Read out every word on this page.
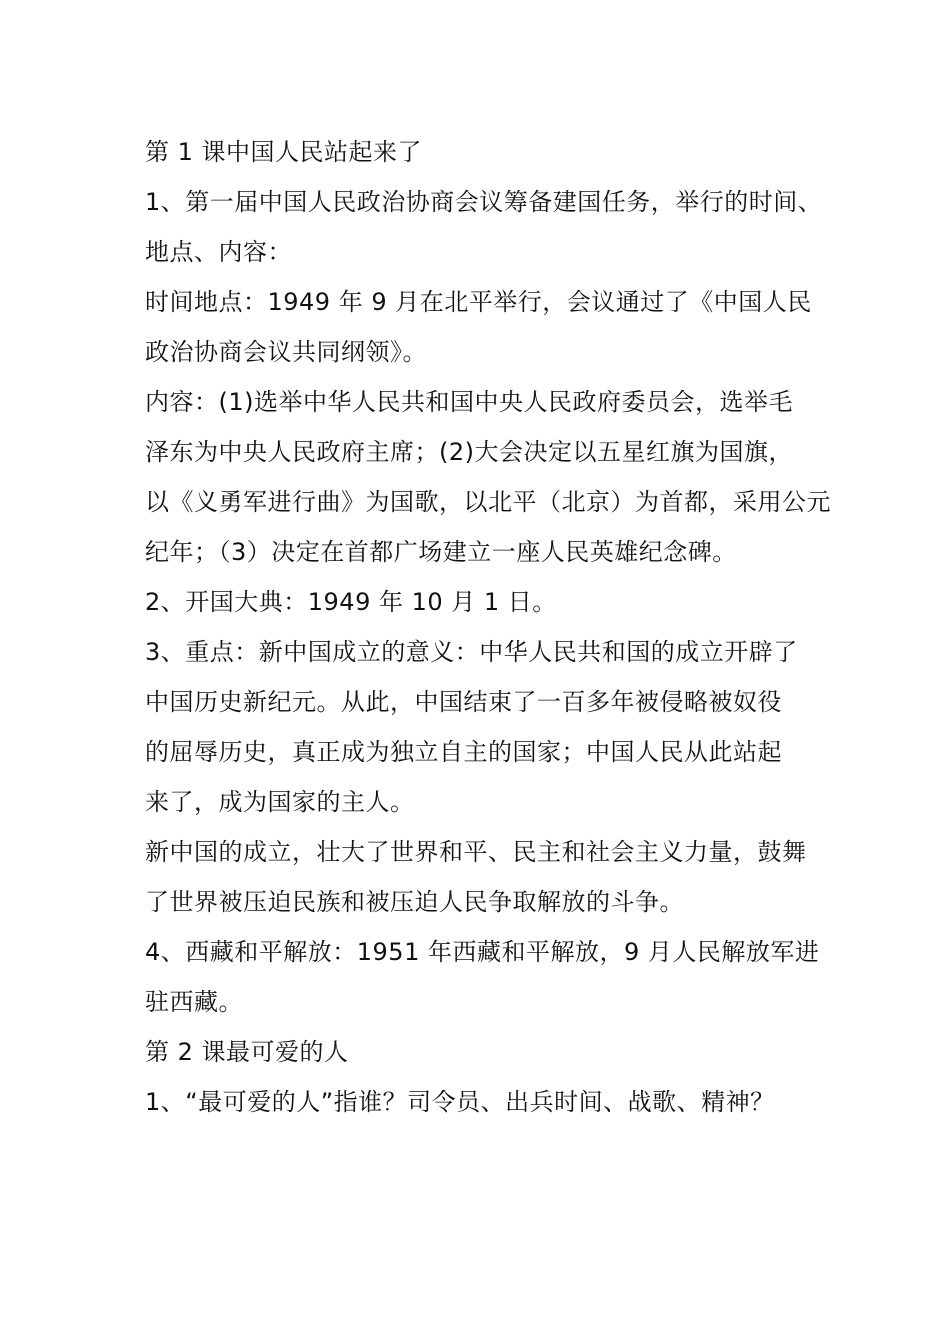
第 1 课中国人民站起来了
1、第一届中国人民政治协商会议筹备建国任务，举行的时间、
地点、内容：
时间地点：1949 年 9 月在北平举行，会议通过了《中国人民
政治协商会议共同纲领》。
内容：(1)选举中华人民共和国中央人民政府委员会，选举毛
泽东为中央人民政府主席；(2)大会决定以五星红旗为国旗，
以《义勇军进行曲》为国歌，以北平（北京）为首都，采用公元
纪年；（3）决定在首都广场建立一座人民英雄纪念碑。
2、开国大典：1949 年 10 月 1 日。
3、重点：新中国成立的意义：中华人民共和国的成立开辟了
中国历史新纪元。从此，中国结束了一百多年被侵略被奴役
的屈辱历史，真正成为独立自主的国家；中国人民从此站起
来了，成为国家的主人。
新中国的成立，壮大了世界和平、民主和社会主义力量，鼓舞
了世界被压迫民族和被压迫人民争取解放的斗争。
4、西藏和平解放：1951 年西藏和平解放，9 月人民解放军进
驻西藏。
第 2 课最可爱的人
1、“最可爱的人”指谁？司令员、出兵时间、战歌、精神？
